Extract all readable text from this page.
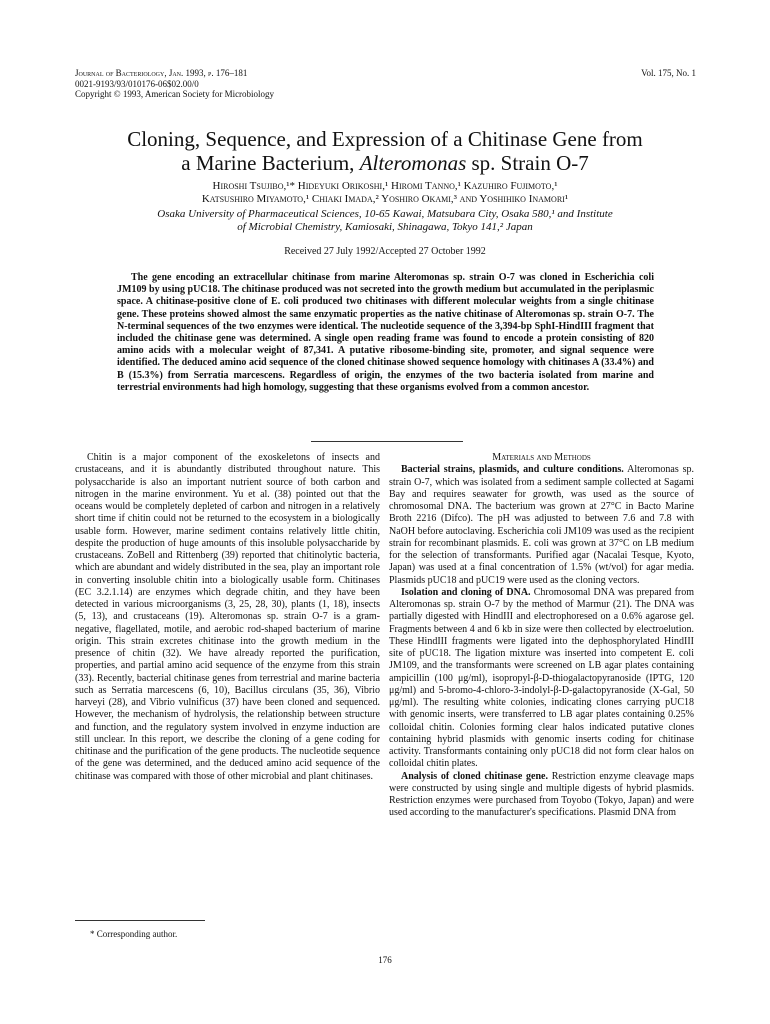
Journal of Bacteriology, Jan. 1993, p. 176–181
0021-9193/93/010176-06$02.00/0
Copyright © 1993, American Society for Microbiology
Vol. 175, No. 1
Cloning, Sequence, and Expression of a Chitinase Gene from
a Marine Bacterium, Alteromonas sp. Strain O-7
Hiroshi Tsujibo,¹* Hideyuki Orikoshi,¹ Hiromi Tanno,¹ Kazuhiro Fujimoto,¹
Katsushiro Miyamoto,¹ Chiaki Imada,² Yoshiro Okami,³ and Yoshihiko Inamori¹
Osaka University of Pharmaceutical Sciences, 10-65 Kawai, Matsubara City, Osaka 580,¹ and Institute
of Microbial Chemistry, Kamiosaki, Shinagawa, Tokyo 141,² Japan
Received 27 July 1992/Accepted 27 October 1992

The gene encoding an extracellular chitinase from marine Alteromonas sp. strain O-7 was cloned in Escherichia coli JM109 by using pUC18. The chitinase produced was not secreted into the growth medium but accumulated in the periplasmic space. A chitinase-positive clone of E. coli produced two chitinases with different molecular weights from a single chitinase gene. These proteins showed almost the same enzymatic properties as the native chitinase of Alteromonas sp. strain O-7. The N-terminal sequences of the two enzymes were identical. The nucleotide sequence of the 3,394-bp SphI-HindIII fragment that included the chitinase gene was determined. A single open reading frame was found to encode a protein consisting of 820 amino acids with a molecular weight of 87,341. A putative ribosome-binding site, promoter, and signal sequence were identified. The deduced amino acid sequence of the cloned chitinase showed sequence homology with chitinases A (33.4%) and B (15.3%) from Serratia marcescens. Regardless of origin, the enzymes of the two bacteria isolated from marine and terrestrial environments had high homology, suggesting that these organisms evolved from a common ancestor.

Chitin is a major component of the exoskeletons of insects and crustaceans, and it is abundantly distributed throughout nature. This polysaccharide is also an important nutrient source of both carbon and nitrogen in the marine environment. Yu et al. (38) pointed out that the oceans would be completely depleted of carbon and nitrogen in a relatively short time if chitin could not be returned to the ecosystem in a biologically usable form. However, marine sediment contains relatively little chitin, despite the production of huge amounts of this insoluble polysaccharide by crustaceans. ZoBell and Rittenberg (39) reported that chitinolytic bacteria, which are abundant and widely distributed in the sea, play an important role in converting insoluble chitin into a biologically usable form. Chitinases (EC 3.2.1.14) are enzymes which degrade chitin, and they have been detected in various microorganisms (3, 25, 28, 30), plants (1, 18), insects (5, 13), and crustaceans (19). Alteromonas sp. strain O-7 is a gram-negative, flagellated, motile, and aerobic rod-shaped bacterium of marine origin. This strain excretes chitinase into the growth medium in the presence of chitin (32). We have already reported the purification, properties, and partial amino acid sequence of the enzyme from this strain (33). Recently, bacterial chitinase genes from terrestrial and marine bacteria such as Serratia marcescens (6, 10), Bacillus circulans (35, 36), Vibrio harveyi (28), and Vibrio vulnificus (37) have been cloned and sequenced. However, the mechanism of hydrolysis, the relationship between structure and function, and the regulatory system involved in enzyme induction are still unclear. In this report, we describe the cloning of a gene coding for chitinase and the purification of the gene products. The nucleotide sequence of the gene was determined, and the deduced amino acid sequence of the chitinase was compared with those of other microbial and plant chitinases.

Materials and Methods

Bacterial strains, plasmids, and culture conditions. Alteromonas sp. strain O-7, which was isolated from a sediment sample collected at Sagami Bay and requires seawater for growth, was used as the source of chromosomal DNA. The bacterium was grown at 27°C in Bacto Marine Broth 2216 (Difco). The pH was adjusted to between 7.6 and 7.8 with NaOH before autoclaving. Escherichia coli JM109 was used as the recipient strain for recombinant plasmids. E. coli was grown at 37°C on LB medium for the selection of transformants. Purified agar (Nacalai Tesque, Kyoto, Japan) was used at a final concentration of 1.5% (wt/vol) for agar media. Plasmids pUC18 and pUC19 were used as the cloning vectors.

Isolation and cloning of DNA. Chromosomal DNA was prepared from Alteromonas sp. strain O-7 by the method of Marmur (21). The DNA was partially digested with HindIII and electrophoresed on a 0.6% agarose gel. Fragments between 4 and 6 kb in size were then collected by electroelution. These HindIII fragments were ligated into the dephosphorylated HindIII site of pUC18. The ligation mixture was inserted into competent E. coli JM109, and the transformants were screened on LB agar plates containing ampicillin (100 μg/ml), isopropyl-β-D-thiogalactopyranoside (IPTG, 120 μg/ml) and 5-bromo-4-chloro-3-indolyl-β-D-galactopyranoside (X-Gal, 50 μg/ml). The resulting white colonies, indicating clones carrying pUC18 with genomic inserts, were transferred to LB agar plates containing 0.25% colloidal chitin. Colonies forming clear halos indicated putative clones containing hybrid plasmids with genomic inserts coding for chitinase activity. Transformants containing only pUC18 did not form clear halos on colloidal chitin plates.

Analysis of cloned chitinase gene. Restriction enzyme cleavage maps were constructed by using single and multiple digests of hybrid plasmids. Restriction enzymes were purchased from Toyobo (Tokyo, Japan) and were used according to the manufacturer's specifications. Plasmid DNA from

* Corresponding author.
176
